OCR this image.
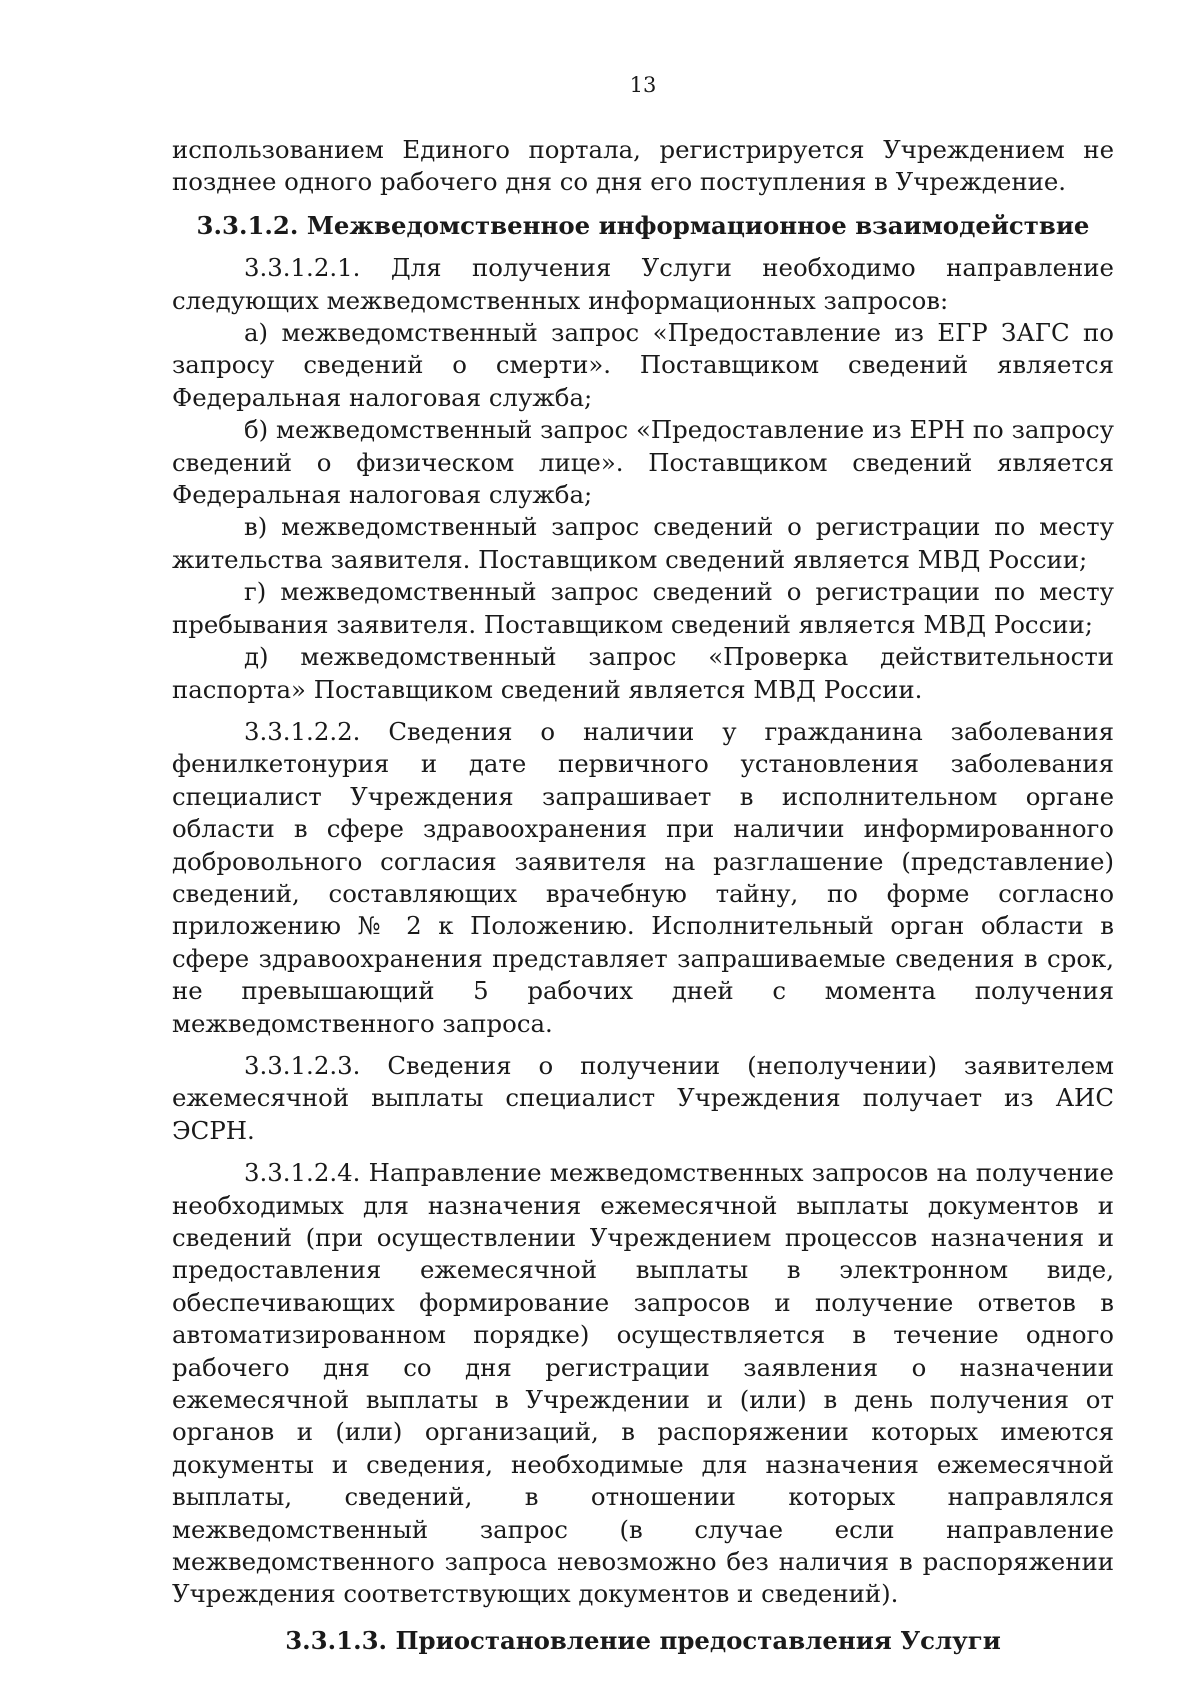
13

использованием Единого портала, регистрируется Учреждением не позднее одного рабочего дня со дня его поступления в Учреждение.

3.3.1.2. Межведомственное информационное взаимодействие

3.3.1.2.1. Для получения Услуги необходимо направление следующих межведомственных информационных запросов:

а) межведомственный запрос «Предоставление из ЕГР ЗАГС по запросу сведений о смерти». Поставщиком сведений является Федеральная налоговая служба;

б) межведомственный запрос «Предоставление из ЕРН по запросу сведений о физическом лице». Поставщиком сведений является Федеральная налоговая служба;

в) межведомственный запрос сведений о регистрации по месту жительства заявителя. Поставщиком сведений является МВД России;

г) межведомственный запрос сведений о регистрации по месту пребывания заявителя. Поставщиком сведений является МВД России;

д) межведомственный запрос «Проверка действительности паспорта» Поставщиком сведений является МВД России.

3.3.1.2.2. Сведения о наличии у гражданина заболевания фенилкетонурия и дате первичного установления заболевания специалист Учреждения запрашивает в исполнительном органе области в сфере здравоохранения при наличии информированного добровольного согласия заявителя на разглашение (представление) сведений, составляющих врачебную тайну, по форме согласно приложению № 2 к Положению. Исполнительный орган области в сфере здравоохранения представляет запрашиваемые сведения в срок, не превышающий 5 рабочих дней с момента получения межведомственного запроса.

3.3.1.2.3. Сведения о получении (неполучении) заявителем ежемесячной выплаты специалист Учреждения получает из АИС ЭСРН.

3.3.1.2.4. Направление межведомственных запросов на получение необходимых для назначения ежемесячной выплаты документов и сведений (при осуществлении Учреждением процессов назначения и предоставления ежемесячной выплаты в электронном виде, обеспечивающих формирование запросов и получение ответов в автоматизированном порядке) осуществляется в течение одного рабочего дня со дня регистрации заявления о назначении ежемесячной выплаты в Учреждении и (или) в день получения от органов и (или) организаций, в распоряжении которых имеются документы и сведения, необходимые для назначения ежемесячной выплаты, сведений, в отношении которых направлялся межведомственный запрос (в случае если направление межведомственного запроса невозможно без наличия в распоряжении Учреждения соответствующих документов и сведений).

3.3.1.3. Приостановление предоставления Услуги
